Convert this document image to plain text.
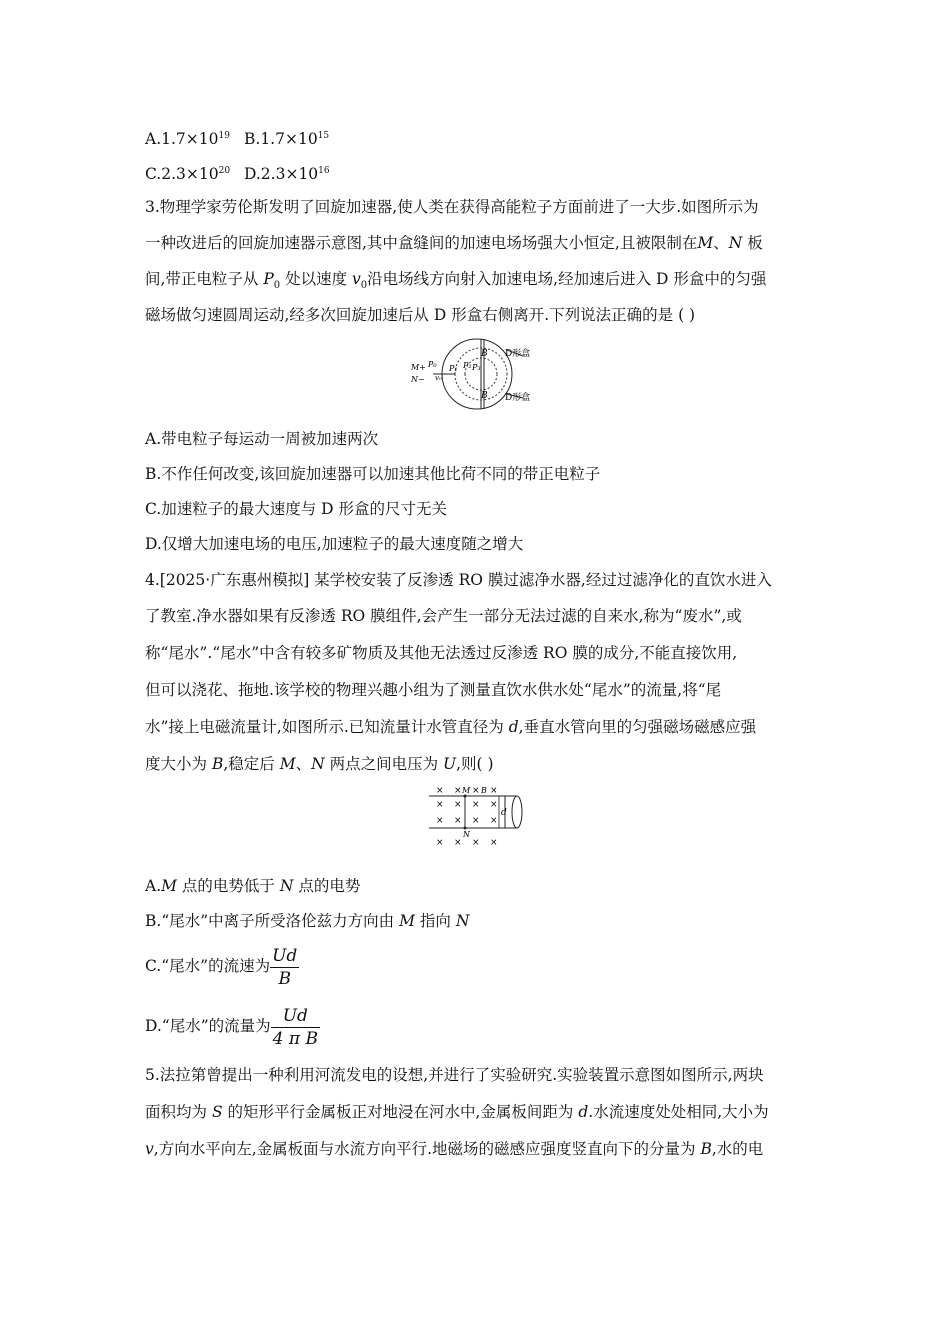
$A.1.7\times 10^{19}$ $B.1.7\times 10^{15}$
$C.2.3\times 10^{20}$ $D.2.3\times 10^{16}$
3.物理学家劳伦斯发明了回旋加速器,使人类在获得高能粒子方面前进了一大步.如图所示为
一种改进后的回旋加速器示意图,其中盒缝间的加速电场场强大小恒定,且被限制在M、N 板
间,带正电粒子从 $P_0$ 处以速度 $v_0$沿电场线方向射入加速电场,经加速后进入 D 形盒中的匀强
磁场做匀速圆周运动,经多次回旋加速后从 D 形盒右侧离开.下列说法正确的是 ( )
D形盒
D形盒
B
B
M+
N−
P₀ P₁ P₂ P₃
v₀
A.带电粒子每运动一周被加速两次
B.不作任何改变,该回旋加速器可以加速其他比荷不同的带正电粒子
C.加速粒子的最大速度与 D 形盒的尺寸无关
D.仅增大加速电场的电压,加速粒子的最大速度随之增大
4.[2025·广东惠州模拟] 某学校安装了反渗透 RO 膜过滤净水器,经过过滤净化的直饮水进入
了教室.净水器如果有反渗透 RO 膜组件,会产生一部分无法过滤的自来水,称为“废水”,或
称“尾水”.“尾水”中含有较多矿物质及其他无法透过反渗透 RO 膜的成分,不能直接饮用,
但可以浇花、拖地.该学校的物理兴趣小组为了测量直饮水供水处“尾水”的流量,将“尾
水”接上电磁流量计,如图所示.已知流量计水管直径为 d,垂直水管向里的匀强磁场磁感应强
度大小为 B,稳定后 M、N 两点之间电压为 U,则( )
× × M × B ×
× × × ×
d
× × × ×
N
× × × ×
A.M 点的电势低于 N 点的电势
B.“尾水”中离子所受洛伦兹力方向由 M 指向 N
C.“尾水”的流速为 $\frac{Ud}{B}$
D.“尾水”的流量为 $\frac{Ud}{\text{4 π B}}$
5.法拉第曾提出一种利用河流发电的设想,并进行了实验研究.实验装置示意图如图所示,两块
面积均为 S 的矩形平行金属板正对地浸在河水中,金属板间距为 d.水流速度处处相同,大小为
v,方向水平向左,金属板面与水流方向平行.地磁场的磁感应强度竖直向下的分量为 B,水的电
